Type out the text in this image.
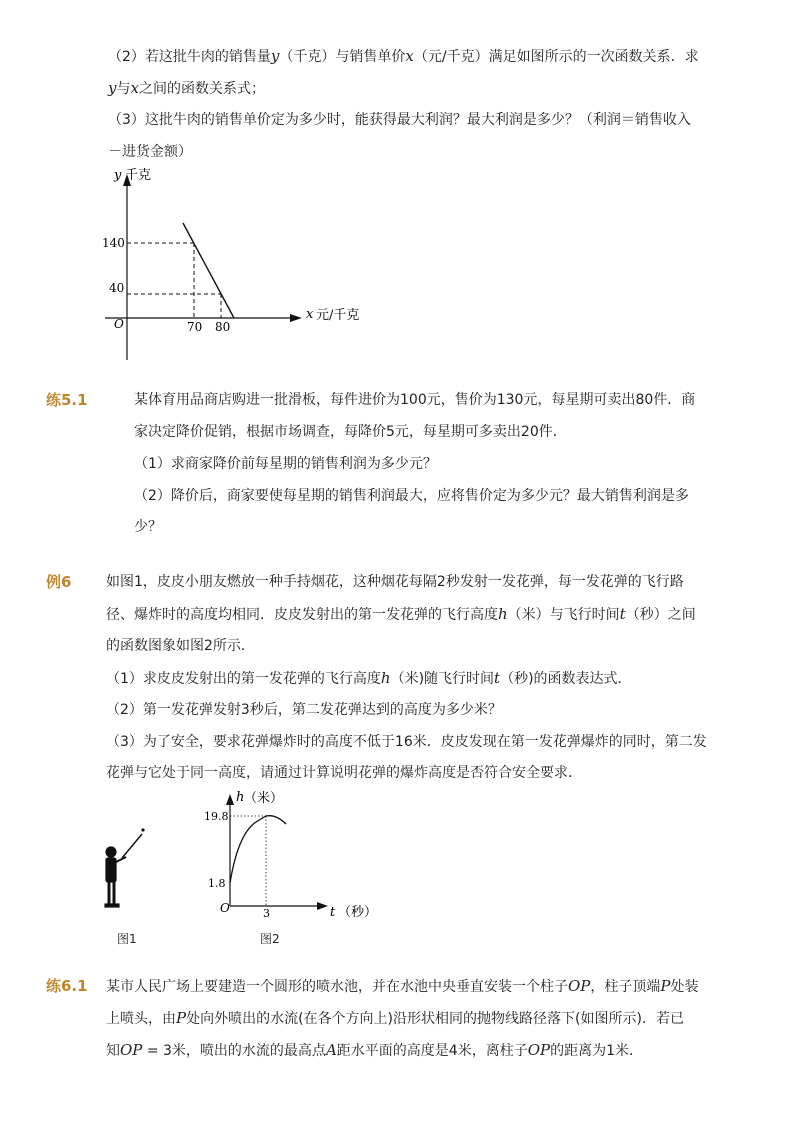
（2）若这批牛肉的销售量y（千克）与销售单价x（元/千克）满足如图所示的一次函数关系．求
y与x之间的函数关系式；
（3）这批牛肉的销售单价定为多少时，能获得最大利润？最大利润是多少？（利润＝销售收入
－进货金额）
y 千克
x 元/千克
O
140
40
70 80
练5.1	某体育用品商店购进一批滑板，每件进价为100元，售价为130元，每星期可卖出80件．商
家决定降价促销，根据市场调查，每降价5元，每星期可多卖出20件．
（1）求商家降价前每星期的销售利润为多少元？
（2）降价后，商家要使每星期的销售利润最大，应将售价定为多少元？最大销售利润是多
少？
例6 如图1，皮皮小朋友燃放一种手持烟花，这种烟花每隔2秒发射一发花弹，每一发花弹的飞行路
径、爆炸时的高度均相同．皮皮发射出的第一发花弹的飞行高度h（米）与飞行时间t（秒）之间
的函数图象如图2所示．
（1）求皮皮发射出的第一发花弹的飞行高度h（米)随飞行时间t（秒)的函数表达式．
（2）第一发花弹发射3秒后，第二发花弹达到的高度为多少米？
（3）为了安全，要求花弹爆炸时的高度不低于16米．皮皮发现在第一发花弹爆炸的同时，第二发
花弹与它处于同一高度，请通过计算说明花弹的爆炸高度是否符合安全要求．
图1
h （米）
19.8
1.8
O	3	t （秒）
图2
练6.1 某市人民广场上要建造一个圆形的喷水池，并在水池中央垂直安装一个柱子OP，柱子顶端P处装
上喷头，由P处向外喷出的水流(在各个方向上)沿形状相同的抛物线路径落下(如图所示)．若已
知OP = 3米，喷出的水流的最高点A距水平面的高度是4米，离柱子OP的距离为1米．
